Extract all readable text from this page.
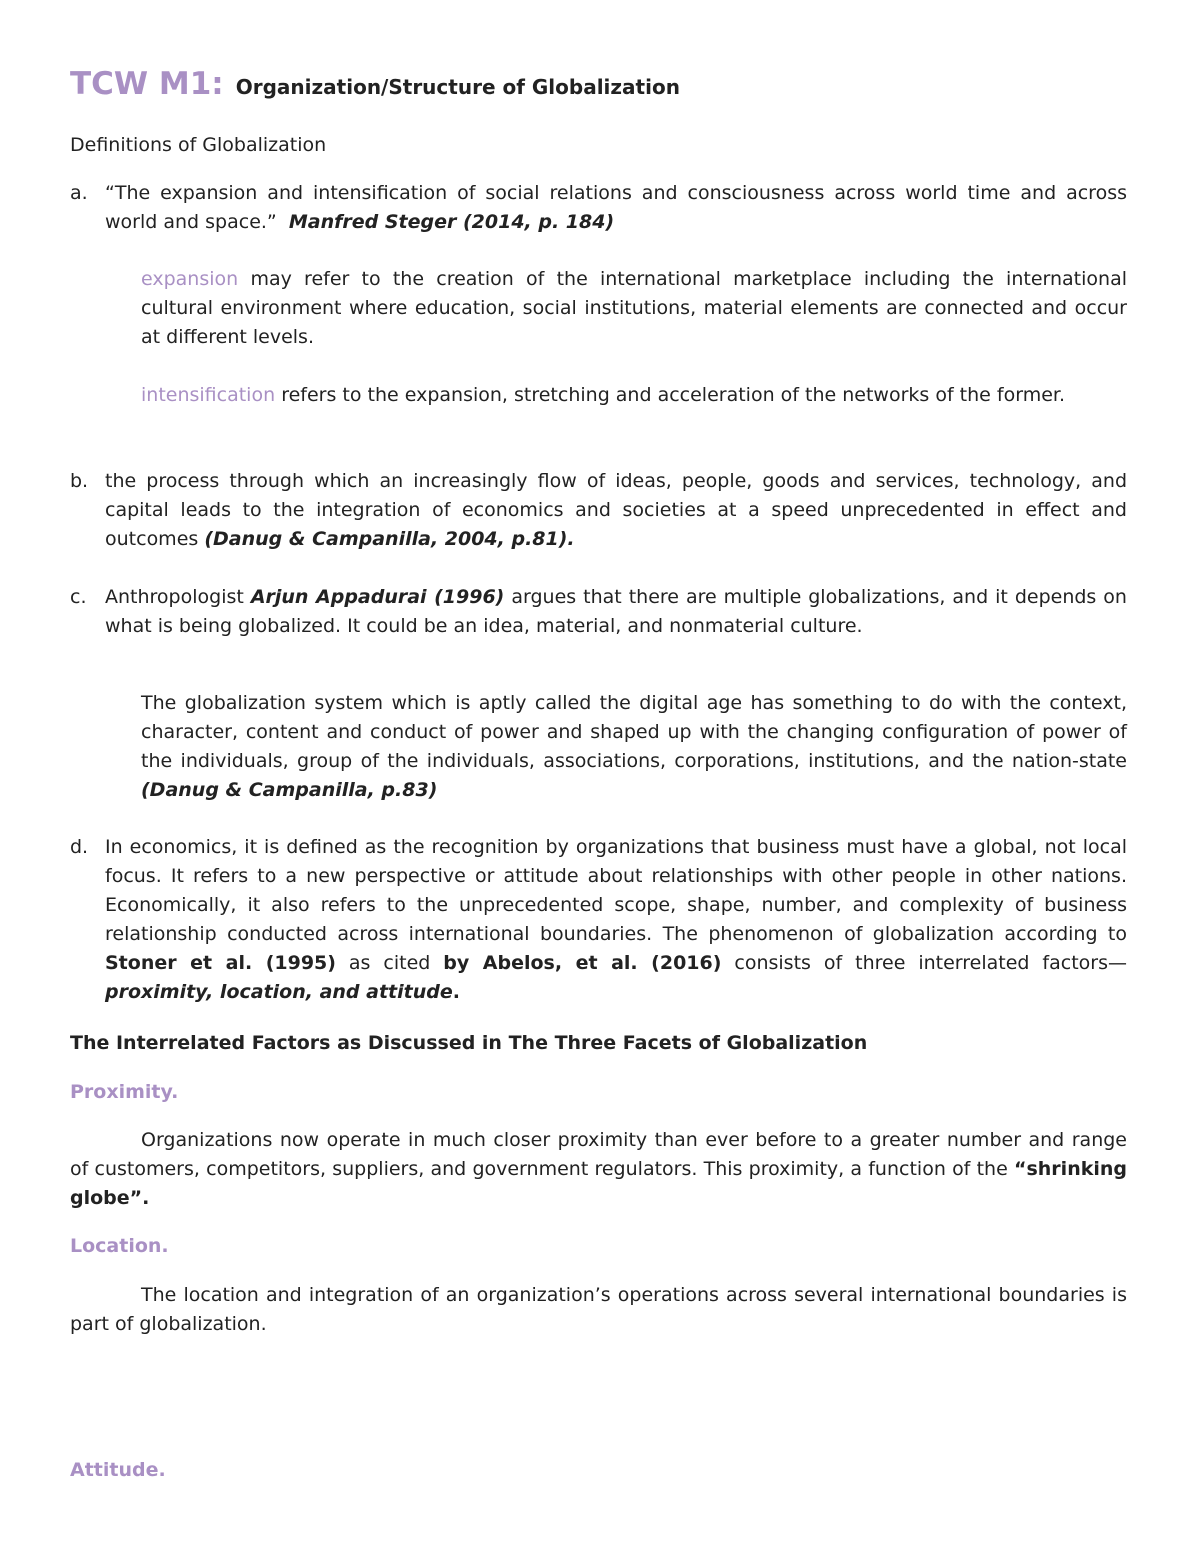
TCW M1: Organization/Structure of Globalization
Definitions of Globalization
a. “The expansion and intensification of social relations and consciousness across world time and across world and space.” Manfred Steger (2014, p. 184)
expansion may refer to the creation of the international marketplace including the international cultural environment where education, social institutions, material elements are connected and occur at different levels.
intensification refers to the expansion, stretching and acceleration of the networks of the former.
b. the process through which an increasingly flow of ideas, people, goods and services, technology, and capital leads to the integration of economics and societies at a speed unprecedented in effect and outcomes (Danug & Campanilla, 2004, p.81).
c. Anthropologist Arjun Appadurai (1996) argues that there are multiple globalizations, and it depends on what is being globalized. It could be an idea, material, and nonmaterial culture.
The globalization system which is aptly called the digital age has something to do with the context, character, content and conduct of power and shaped up with the changing configuration of power of the individuals, group of the individuals, associations, corporations, institutions, and the nation-state (Danug & Campanilla, p.83)
d. In economics, it is defined as the recognition by organizations that business must have a global, not local focus. It refers to a new perspective or attitude about relationships with other people in other nations. Economically, it also refers to the unprecedented scope, shape, number, and complexity of business relationship conducted across international boundaries. The phenomenon of globalization according to Stoner et al. (1995) as cited by Abelos, et al. (2016) consists of three interrelated factors—proximity, location, and attitude.
The Interrelated Factors as Discussed in The Three Facets of Globalization
Proximity.
Organizations now operate in much closer proximity than ever before to a greater number and range of customers, competitors, suppliers, and government regulators. This proximity, a function of the “shrinking globe”.
Location.
The location and integration of an organization’s operations across several international boundaries is part of globalization.
Attitude.
